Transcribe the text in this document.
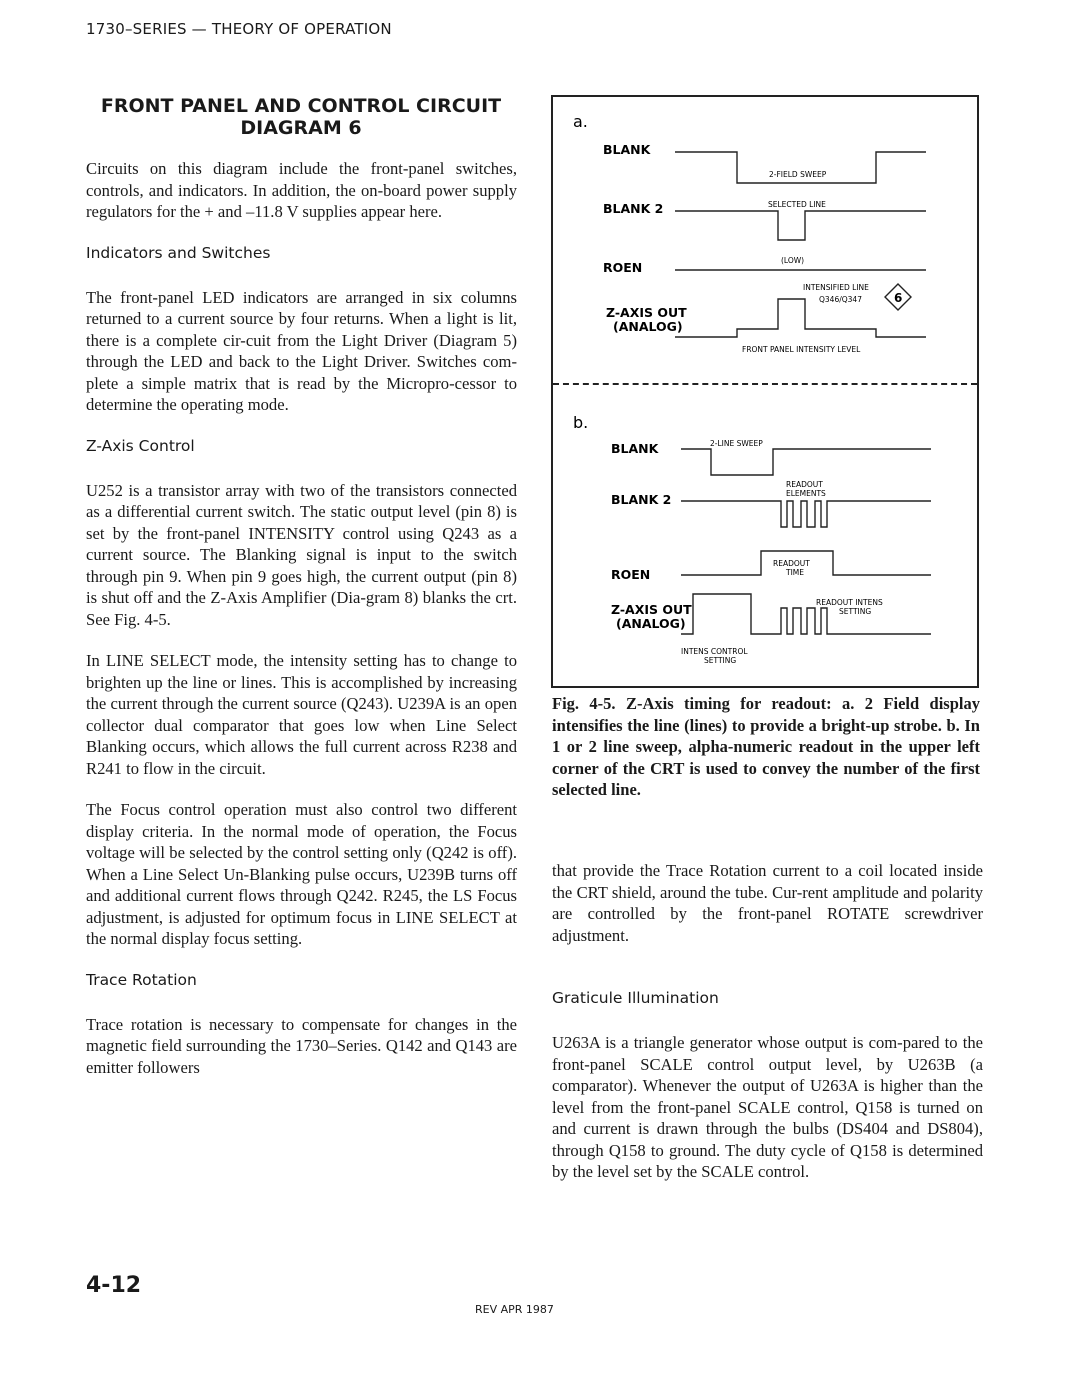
1730–SERIES — THEORY OF OPERATION
FRONT PANEL AND CONTROL CIRCUIT
DIAGRAM 6

Circuits on this diagram include the front-panel switches, controls, and indicators. In addition, the on-board power supply regulators for the + and –11.8 V supplies appear here.

Indicators and Switches

The front-panel LED indicators are arranged in six columns returned to a current source by four returns. When a light is lit, there is a complete cir-cuit from the Light Driver (Diagram 5) through the LED and back to the Light Driver. Switches com-plete a simple matrix that is read by the Micropro-cessor to determine the operating mode.

Z-Axis Control

U252 is a transistor array with two of the transistors connected as a differential current switch. The static output level (pin 8) is set by the front-panel INTENSITY control using Q243 as a current source. The Blanking signal is input to the switch through pin 9. When pin 9 goes high, the current output (pin 8) is shut off and the Z-Axis Amplifier (Dia-gram 8) blanks the crt. See Fig. 4-5.

In LINE SELECT mode, the intensity setting has to change to brighten up the line or lines. This is accomplished by increasing the current through the current source (Q243). U239A is an open collector dual comparator that goes low when Line Select Blanking occurs, which allows the full current across R238 and R241 to flow in the circuit.

The Focus control operation must also control two different display criteria. In the normal mode of operation, the Focus voltage will be selected by the control setting only (Q242 is off). When a Line Select Un-Blanking pulse occurs, U239B turns off and additional current flows through Q242. R245, the LS Focus adjustment, is adjusted for optimum focus in LINE SELECT at the normal display focus setting.

Trace Rotation

Trace rotation is necessary to compensate for changes in the magnetic field surrounding the 1730–Series. Q142 and Q143 are emitter followers

a.
BLANK
BLANK 2
ROEN
Z-AXIS OUT
(ANALOG)
2-FIELD SWEEP
SELECTED LINE
(LOW)
INTENSIFIED LINE
Q346/Q347	6
FRONT PANEL INTENSITY LEVEL
b.
BLANK
BLANK 2
ROEN
Z-AXIS OUT
(ANALOG)
2-LINE SWEEP
READOUT
ELEMENTS
READOUT
TIME
READOUT INTENS
SETTING
INTENS CONTROL
SETTING
Fig. 4-5. Z-Axis timing for readout: a. 2 Field display intensifies the line (lines) to provide a bright-up strobe. b. In 1 or 2 line sweep, alpha-numeric readout in the upper left corner of the CRT is used to convey the number of the first selected line.

that provide the Trace Rotation current to a coil located inside the CRT shield, around the tube. Cur-rent amplitude and polarity are controlled by the front-panel ROTATE screwdriver adjustment.

Graticule Illumination

U263A is a triangle generator whose output is com-pared to the front-panel SCALE control output level, by U263B (a comparator). Whenever the output of U263A is higher than the level from the front-panel SCALE control, Q158 is turned on and current is drawn through the bulbs (DS404 and DS804), through Q158 to ground. The duty cycle of Q158 is determined by the level set by the SCALE control.

4-12
REV APR 1987
